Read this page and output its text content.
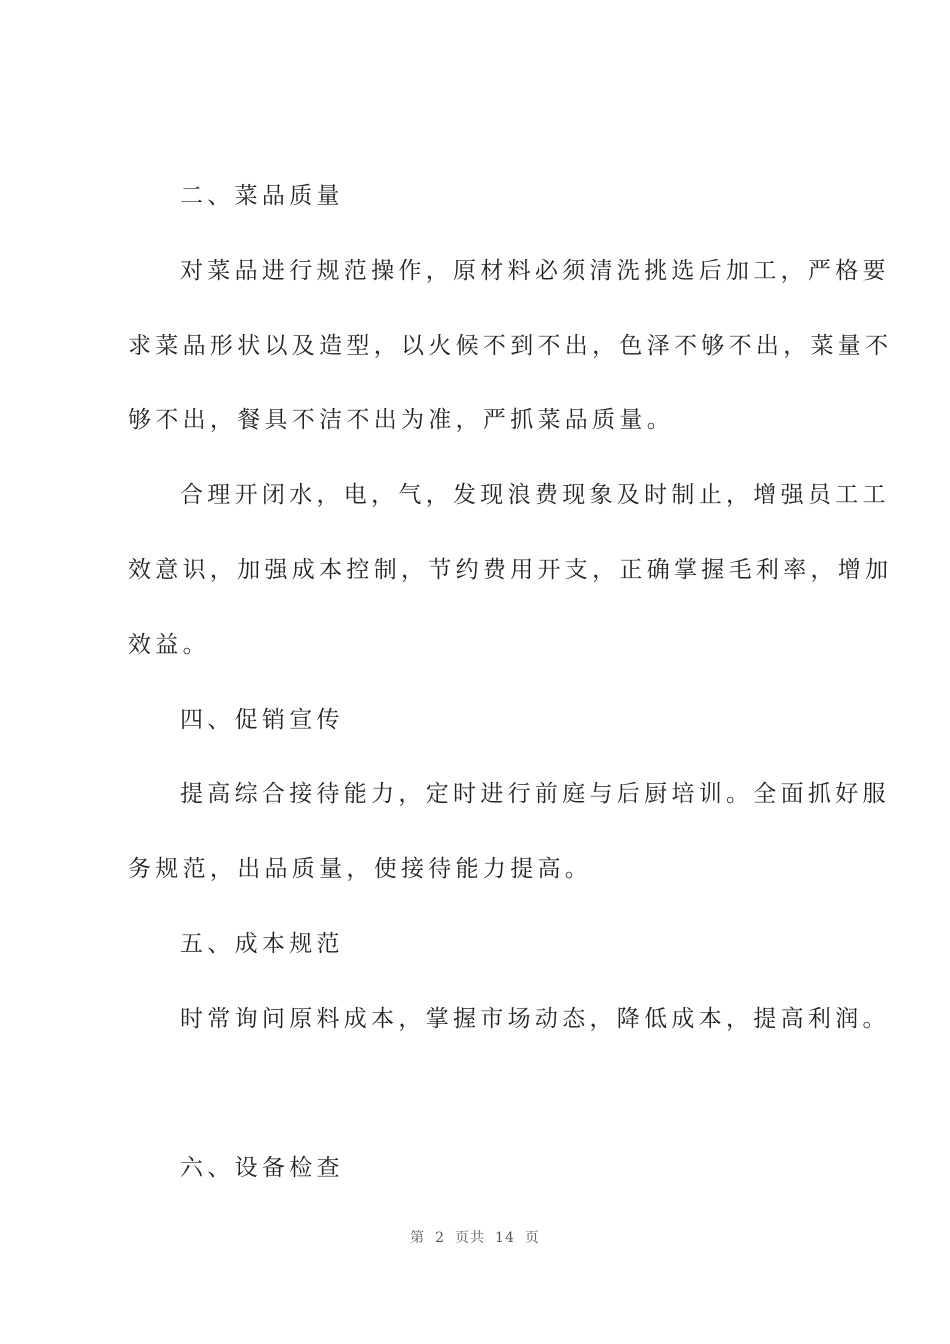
二、菜品质量
对菜品进行规范操作，原材料必须清洗挑选后加工，严格要
求菜品形状以及造型，以火候不到不出，色泽不够不出，菜量不
够不出，餐具不洁不出为准，严抓菜品质量。
合理开闭水，电，气，发现浪费现象及时制止，增强员工工
效意识，加强成本控制，节约费用开支，正确掌握毛利率，增加
效益。
四、促销宣传
提高综合接待能力，定时进行前庭与后厨培训。全面抓好服
务规范，出品质量，使接待能力提高。
五、成本规范
时常询问原料成本，掌握市场动态，降低成本，提高利润。
六、设备检查
第 2 页共 14 页
